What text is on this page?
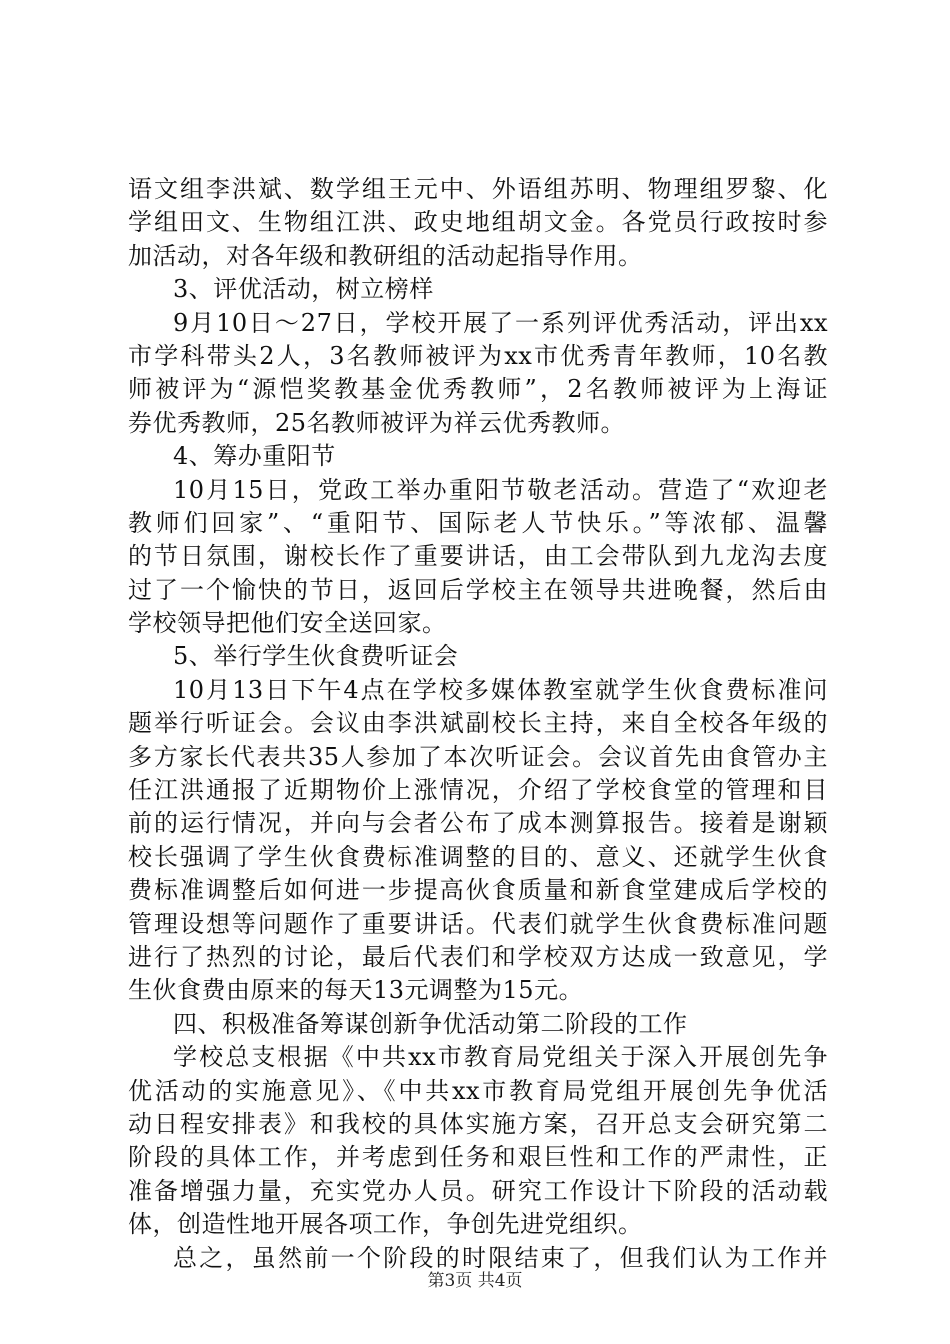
语文组李洪斌、数学组王元中、外语组苏明、物理组罗黎、化
学组田文、生物组江洪、政史地组胡文金。各党员行政按时参
加活动，对各年级和教研组的活动起指导作用。
3、评优活动，树立榜样
9月10日～27日，学校开展了一系列评优秀活动，评出xx
市学科带头2人，3名教师被评为xx市优秀青年教师，10名教
师被评为“源恺奖教基金优秀教师”，2名教师被评为上海证
券优秀教师，25名教师被评为祥云优秀教师。
4、筹办重阳节
10月15日，党政工举办重阳节敬老活动。营造了“欢迎老
教师们回家”、“重阳节、国际老人节快乐。”等浓郁、温馨
的节日氛围，谢校长作了重要讲话，由工会带队到九龙沟去度
过了一个愉快的节日，返回后学校主在领导共进晚餐，然后由
学校领导把他们安全送回家。
5、举行学生伙食费听证会
10月13日下午4点在学校多媒体教室就学生伙食费标准问
题举行听证会。会议由李洪斌副校长主持，来自全校各年级的
多方家长代表共35人参加了本次听证会。会议首先由食管办主
任江洪通报了近期物价上涨情况，介绍了学校食堂的管理和目
前的运行情况，并向与会者公布了成本测算报告。接着是谢颖
校长强调了学生伙食费标准调整的目的、意义、还就学生伙食
费标准调整后如何进一步提高伙食质量和新食堂建成后学校的
管理设想等问题作了重要讲话。代表们就学生伙食费标准问题
进行了热烈的讨论，最后代表们和学校双方达成一致意见，学
生伙食费由原来的每天13元调整为15元。
四、积极准备筹谋创新争优活动第二阶段的工作
学校总支根据《中共xx市教育局党组关于深入开展创先争
优活动的实施意见》、《中共xx市教育局党组开展创先争优活
动日程安排表》和我校的具体实施方案，召开总支会研究第二
阶段的具体工作，并考虑到任务和艰巨性和工作的严肃性，正
准备增强力量，充实党办人员。研究工作设计下阶段的活动载
体，创造性地开展各项工作，争创先进党组织。
总之，虽然前一个阶段的时限结束了，但我们认为工作并
第3页 共4页
